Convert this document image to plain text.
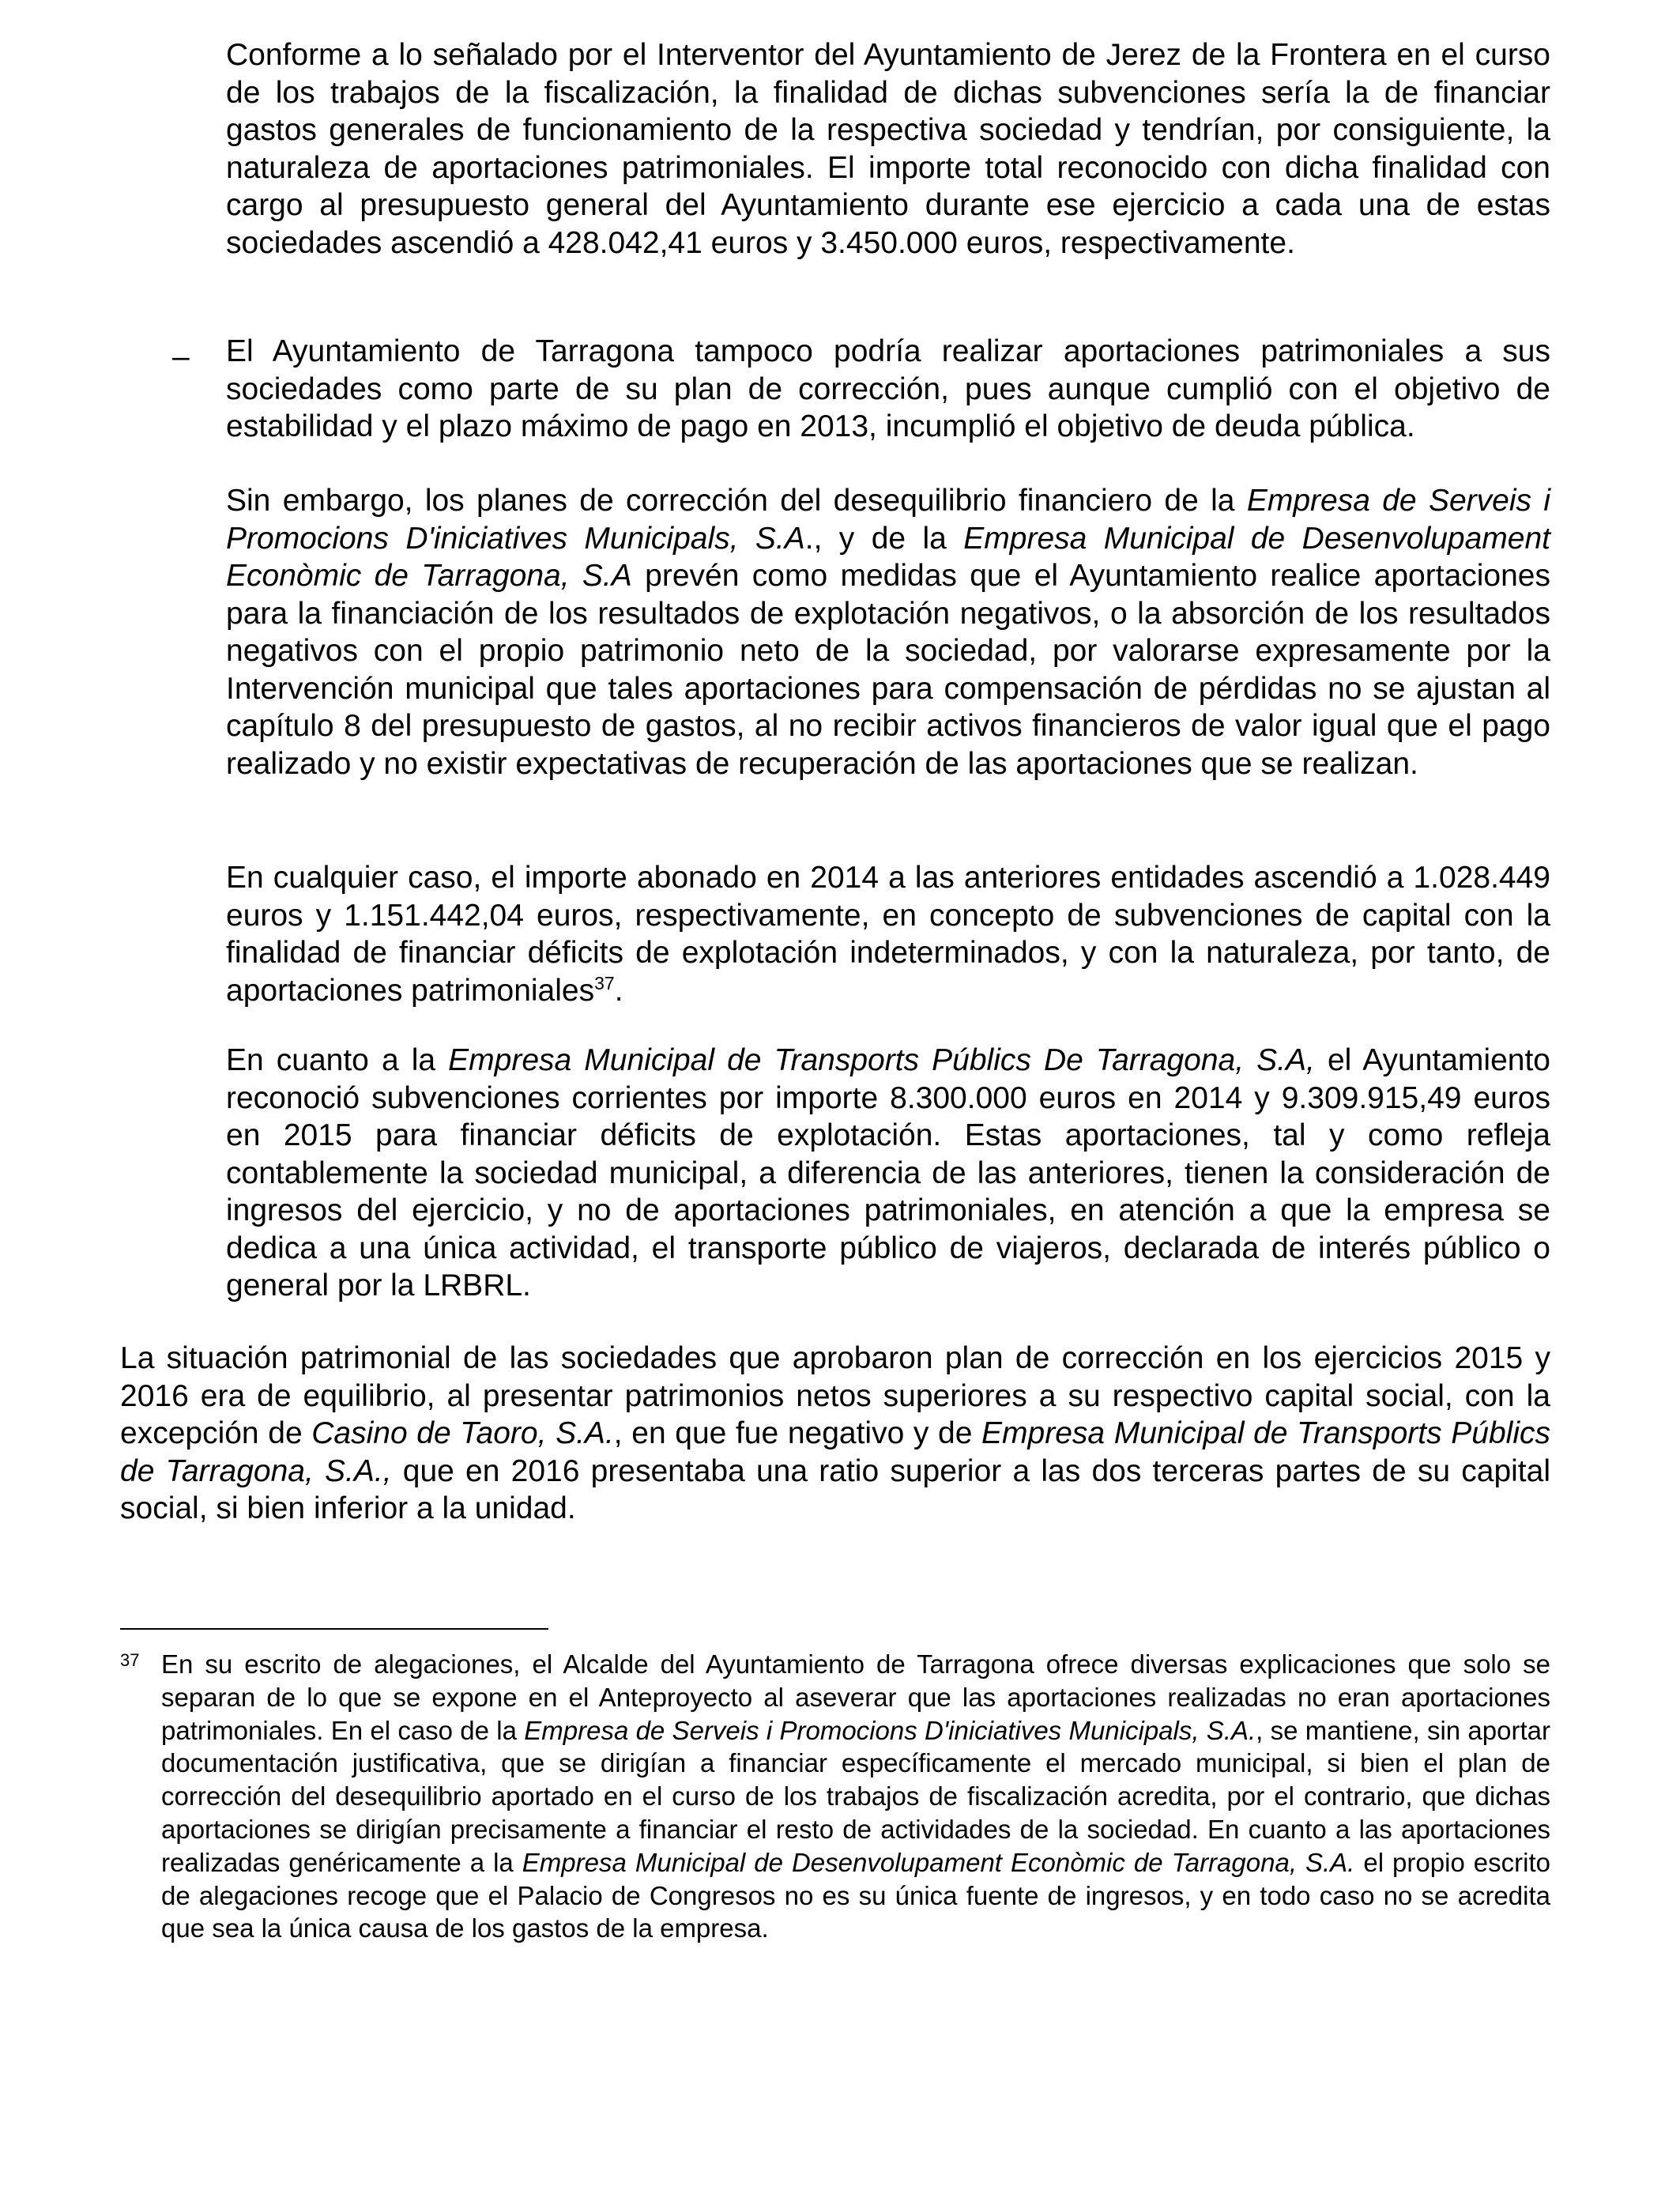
Conforme a lo señalado por el Interventor del Ayuntamiento de Jerez de la Frontera en el curso de los trabajos de la fiscalización, la finalidad de dichas subvenciones sería la de financiar gastos generales de funcionamiento de la respectiva sociedad y tendrían, por consiguiente, la naturaleza de aportaciones patrimoniales. El importe total reconocido con dicha finalidad con cargo al presupuesto general del Ayuntamiento durante ese ejercicio a cada una de estas sociedades ascendió a 428.042,41 euros y 3.450.000 euros, respectivamente.

– El Ayuntamiento de Tarragona tampoco podría realizar aportaciones patrimoniales a sus sociedades como parte de su plan de corrección, pues aunque cumplió con el objetivo de estabilidad y el plazo máximo de pago en 2013, incumplió el objetivo de deuda pública.

Sin embargo, los planes de corrección del desequilibrio financiero de la Empresa de Serveis i Promocions D'iniciatives Municipals, S.A., y de la Empresa Municipal de Desenvolupament Econòmic de Tarragona, S.A prevén como medidas que el Ayuntamiento realice aportaciones para la financiación de los resultados de explotación negativos, o la absorción de los resultados negativos con el propio patrimonio neto de la sociedad, por valorarse expresamente por la Intervención municipal que tales aportaciones para compensación de pérdidas no se ajustan al capítulo 8 del presupuesto de gastos, al no recibir activos financieros de valor igual que el pago realizado y no existir expectativas de recuperación de las aportaciones que se realizan.

En cualquier caso, el importe abonado en 2014 a las anteriores entidades ascendió a 1.028.449 euros y 1.151.442,04 euros, respectivamente, en concepto de subvenciones de capital con la finalidad de financiar déficits de explotación indeterminados, y con la naturaleza, por tanto, de aportaciones patrimoniales$^{37}$.

En cuanto a la Empresa Municipal de Transports Públics De Tarragona, S.A, el Ayuntamiento reconoció subvenciones corrientes por importe 8.300.000 euros en 2014 y 9.309.915,49 euros en 2015 para financiar déficits de explotación. Estas aportaciones, tal y como refleja contablemente la sociedad municipal, a diferencia de las anteriores, tienen la consideración de ingresos del ejercicio, y no de aportaciones patrimoniales, en atención a que la empresa se dedica a una única actividad, el transporte público de viajeros, declarada de interés público o general por la LRBRL.

La situación patrimonial de las sociedades que aprobaron plan de corrección en los ejercicios 2015 y 2016 era de equilibrio, al presentar patrimonios netos superiores a su respectivo capital social, con la excepción de Casino de Taoro, S.A., en que fue negativo y de Empresa Municipal de Transports Públics de Tarragona, S.A., que en 2016 presentaba una ratio superior a las dos terceras partes de su capital social, si bien inferior a la unidad.

37 En su escrito de alegaciones, el Alcalde del Ayuntamiento de Tarragona ofrece diversas explicaciones que solo se separan de lo que se expone en el Anteproyecto al aseverar que las aportaciones realizadas no eran aportaciones patrimoniales. En el caso de la Empresa de Serveis i Promocions D'iniciatives Municipals, S.A., se mantiene, sin aportar documentación justificativa, que se dirigían a financiar específicamente el mercado municipal, si bien el plan de corrección del desequilibrio aportado en el curso de los trabajos de fiscalización acredita, por el contrario, que dichas aportaciones se dirigían precisamente a financiar el resto de actividades de la sociedad. En cuanto a las aportaciones realizadas genéricamente a la Empresa Municipal de Desenvolupament Econòmic de Tarragona, S.A. el propio escrito de alegaciones recoge que el Palacio de Congresos no es su única fuente de ingresos, y en todo caso no se acredita que sea la única causa de los gastos de la empresa.
